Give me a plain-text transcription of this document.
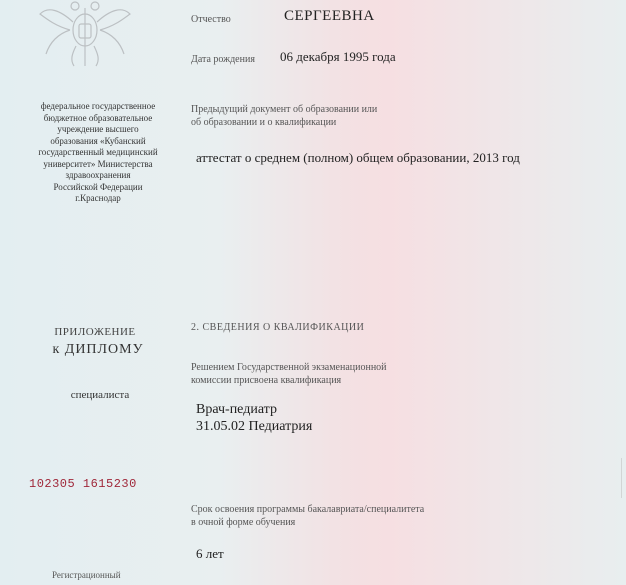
федеральное государственное
бюджетное образовательное
учреждение высшего
образования «Кубанский
государственный медицинский
университет» Министерства
здравоохранения
Российской Федерации
г.Краснодар
ПРИЛОЖЕНИЕ
к ДИПЛОМУ
специалиста
102305 1615230
Регистрационный
Отчество	СЕРГЕЕВНА
Дата рождения 06 декабря 1995 года
Предыдущий документ об образовании или
об образовании и о квалификации
аттестат о среднем (полном) общем образовании, 2013 год
2. СВЕДЕНИЯ О КВАЛИФИКАЦИИ
Решением Государственной экзаменационной
комиссии присвоена квалификация
Врач-педиатр
31.05.02 Педиатрия
Срок освоения программы бакалавриата/специалитета
в очной форме обучения
6 лет
